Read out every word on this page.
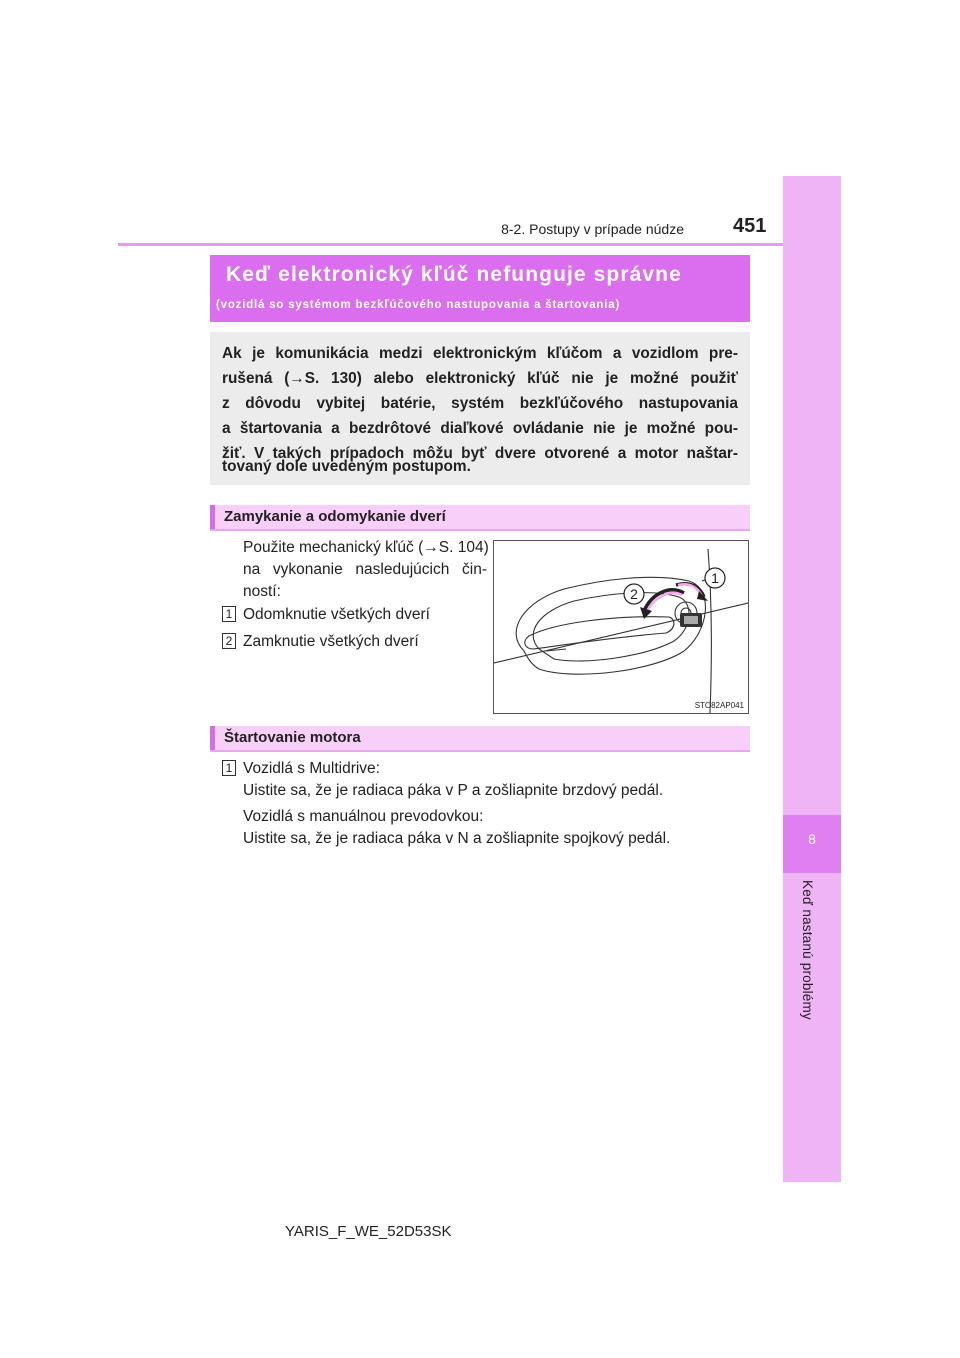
8
Keď nastanú problémy
8-2. Postupy v prípade núdze 451
Keď elektronický kľúč nefunguje správne
(vozidlá so systémom bezkľúčového nastupovania a štartovania)
Ak je komunikácia medzi elektronickým kľúčom a vozidlom pre-
rušená (→S. 130) alebo elektronický kľúč nie je možné použiť
z dôvodu vybitej batérie, systém bezkľúčového nastupovania
a štartovania a bezdrôtové diaľkové ovládanie nie je možné pou-
žiť. V takých prípadoch môžu byť dvere otvorené a motor naštar-
tovaný dole uvedeným postupom.
Zamykanie a odomykanie dverí
Použite mechanický kľúč (→S. 104)
na vykonanie nasledujúcich čin-
ností:
1 Odomknutie všetkých dverí
2 Zamknutie všetkých dverí
1
2
STO82AP041
Štartovanie motora
1 Vozidlá s Multidrive:
Uistite sa, že je radiaca páka v P a zošliapnite brzdový pedál.
Vozidlá s manuálnou prevodovkou:
Uistite sa, že je radiaca páka v N a zošliapnite spojkový pedál.
YARIS_F_WE_52D53SK
